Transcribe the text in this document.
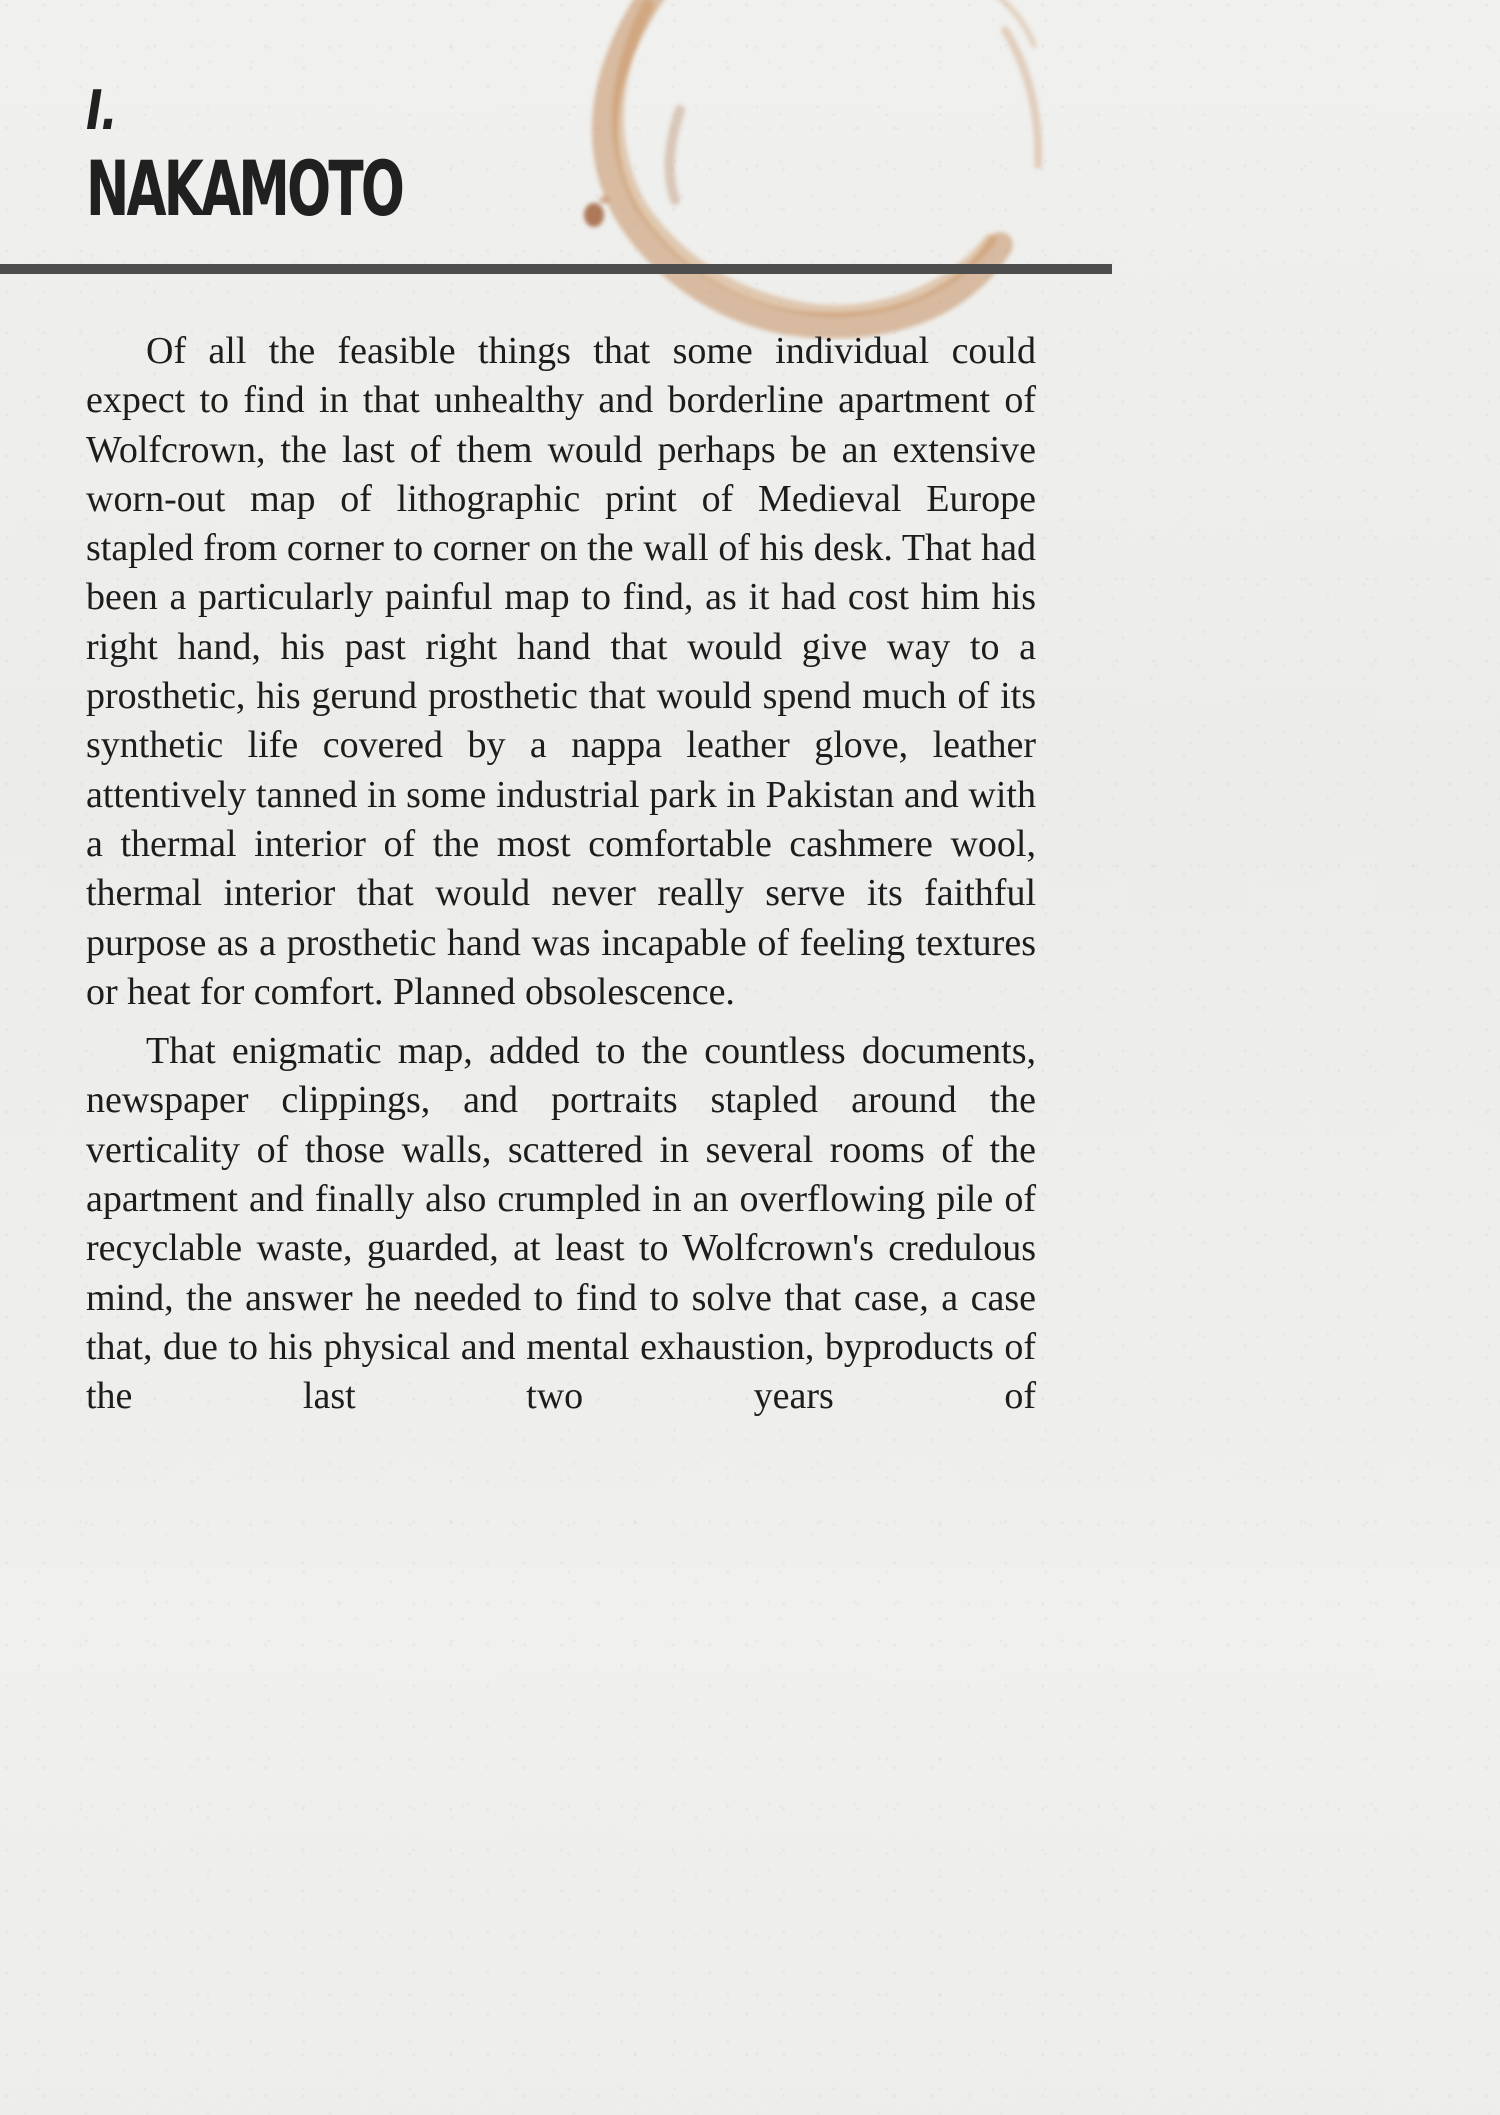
I.
NAKAMOTO

Of all the feasible things that some individual could expect to find in that unhealthy and borderline apartment of Wolfcrown, the last of them would perhaps be an extensive worn-out map of lithographic print of Medieval Europe stapled from corner to corner on the wall of his desk. That had been a particularly painful map to find, as it had cost him his right hand, his past right hand that would give way to a prosthetic, his gerund prosthetic that would spend much of its synthetic life covered by a nappa leather glove, leather attentively tanned in some industrial park in Pakistan and with a thermal interior of the most comfortable cashmere wool, thermal interior that would never really serve its faithful purpose as a prosthetic hand was incapable of feeling textures or heat for comfort. Planned obsolescence.

That enigmatic map, added to the countless documents, newspaper clippings, and portraits stapled around the verticality of those walls, scattered in several rooms of the apartment and finally also crumpled in an overflowing pile of recyclable waste, guarded, at least to Wolfcrown's credulous mind, the answer he needed to find to solve that case, a case that, due to his physical and mental exhaustion, byproducts of the last two years of
